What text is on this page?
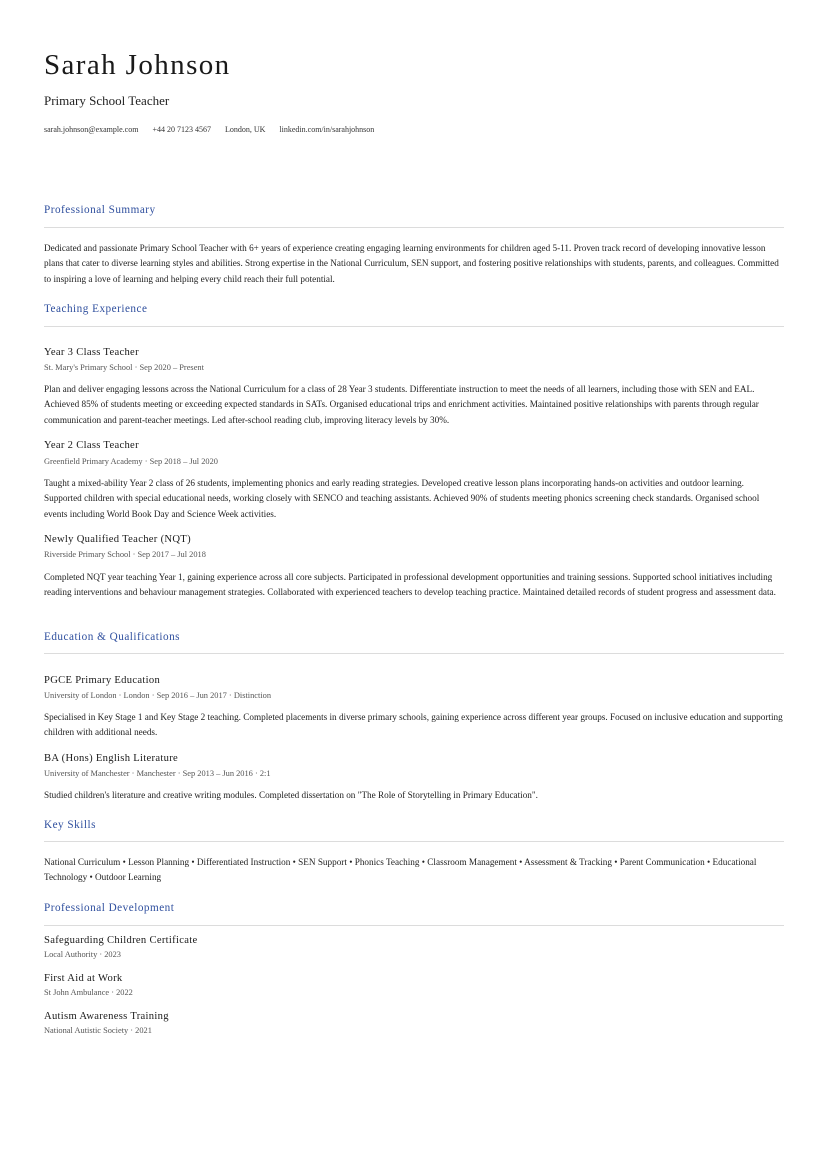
Sarah Johnson
Primary School Teacher
sarah.johnson@example.com +44 20 7123 4567 London, UK linkedin.com/in/sarahjohnson
Professional Summary
Dedicated and passionate Primary School Teacher with 6+ years of experience creating engaging learning environments for children aged 5-11. Proven track record of developing innovative lesson plans that cater to diverse learning styles and abilities. Strong expertise in the National Curriculum, SEN support, and fostering positive relationships with students, parents, and colleagues. Committed to inspiring a love of learning and helping every child reach their full potential.
Teaching Experience
Year 3 Class Teacher
St. Mary's Primary School · Sep 2020 – Present
Plan and deliver engaging lessons across the National Curriculum for a class of 28 Year 3 students. Differentiate instruction to meet the needs of all learners, including those with SEN and EAL. Achieved 85% of students meeting or exceeding expected standards in SATs. Organised educational trips and enrichment activities. Maintained positive relationships with parents through regular communication and parent-teacher meetings. Led after-school reading club, improving literacy levels by 30%.
Year 2 Class Teacher
Greenfield Primary Academy · Sep 2018 – Jul 2020
Taught a mixed-ability Year 2 class of 26 students, implementing phonics and early reading strategies. Developed creative lesson plans incorporating hands-on activities and outdoor learning. Supported children with special educational needs, working closely with SENCO and teaching assistants. Achieved 90% of students meeting phonics screening check standards. Organised school events including World Book Day and Science Week activities.
Newly Qualified Teacher (NQT)
Riverside Primary School · Sep 2017 – Jul 2018
Completed NQT year teaching Year 1, gaining experience across all core subjects. Participated in professional development opportunities and training sessions. Supported school initiatives including reading interventions and behaviour management strategies. Collaborated with experienced teachers to develop teaching practice. Maintained detailed records of student progress and assessment data.
Education & Qualifications
PGCE Primary Education
University of London · London · Sep 2016 – Jun 2017 · Distinction
Specialised in Key Stage 1 and Key Stage 2 teaching. Completed placements in diverse primary schools, gaining experience across different year groups. Focused on inclusive education and supporting children with additional needs.
BA (Hons) English Literature
University of Manchester · Manchester · Sep 2013 – Jun 2016 · 2:1
Studied children's literature and creative writing modules. Completed dissertation on "The Role of Storytelling in Primary Education".
Key Skills
National Curriculum • Lesson Planning • Differentiated Instruction • SEN Support • Phonics Teaching • Classroom Management • Assessment & Tracking • Parent Communication • Educational Technology • Outdoor Learning
Professional Development
Safeguarding Children Certificate
Local Authority · 2023
First Aid at Work
St John Ambulance · 2022
Autism Awareness Training
National Autistic Society · 2021
